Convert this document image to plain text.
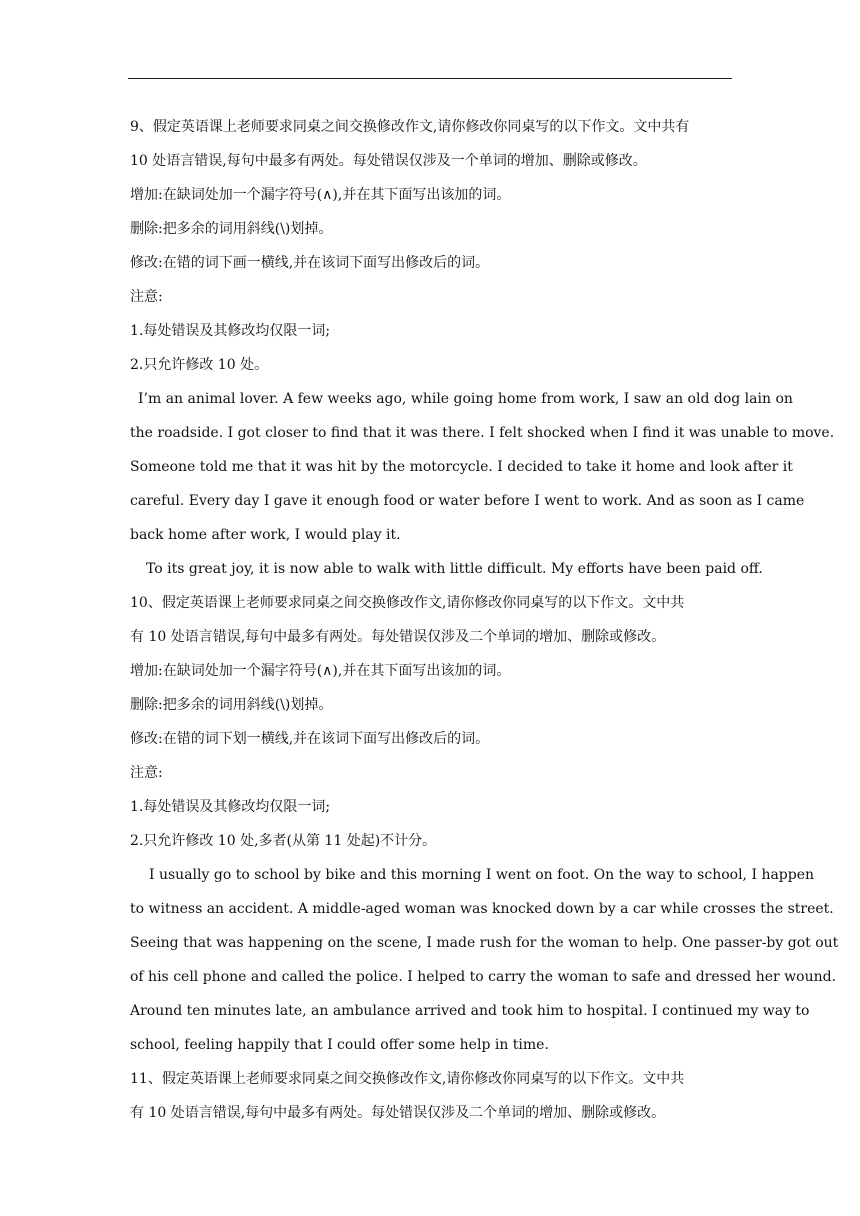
9、假定英语课上老师要求同桌之间交换修改作文,请你修改你同桌写的以下作文。文中共有
10 处语言错误,每句中最多有两处。每处错误仅涉及一个单词的增加、删除或修改。
增加:在缺词处加一个漏字符号(∧),并在其下面写出该加的词。
删除:把多余的词用斜线(\)划掉。
修改:在错的词下画一横线,并在该词下面写出修改后的词。
注意:
1.每处错误及其修改均仅限一词;
2.只允许修改 10 处。
I’m an animal lover. A few weeks ago, while going home from work, I saw an old dog lain on
the roadside. I got closer to find that it was there. I felt shocked when I find it was unable to move.
Someone told me that it was hit by the motorcycle. I decided to take it home and look after it
careful. Every day I gave it enough food or water before I went to work. And as soon as I came
back home after work, I would play it.
To its great joy, it is now able to walk with little difficult. My efforts have been paid off.
10、假定英语课上老师要求同桌之间交换修改作文,请你修改你同桌写的以下作文。文中共
有 10 处语言错误,每句中最多有两处。每处错误仅涉及二个单词的增加、删除或修改。
增加:在缺词处加一个漏字符号(∧),并在其下面写出该加的词。
删除:把多余的词用斜线(\)划掉。
修改:在错的词下划一横线,并在该词下面写出修改后的词。
注意:
1.每处错误及其修改均仅限一词;
2.只允许修改 10 处,多者(从第 11 处起)不计分。
I usually go to school by bike and this morning I went on foot. On the way to school, I happen
to witness an accident. A middle-aged woman was knocked down by a car while crosses the street.
Seeing that was happening on the scene, I made rush for the woman to help. One passer-by got out
of his cell phone and called the police. I helped to carry the woman to safe and dressed her wound.
Around ten minutes late, an ambulance arrived and took him to hospital. I continued my way to
school, feeling happily that I could offer some help in time.
11、假定英语课上老师要求同桌之间交换修改作文,请你修改你同桌写的以下作文。文中共
有 10 处语言错误,每句中最多有两处。每处错误仅涉及二个单词的增加、删除或修改。
